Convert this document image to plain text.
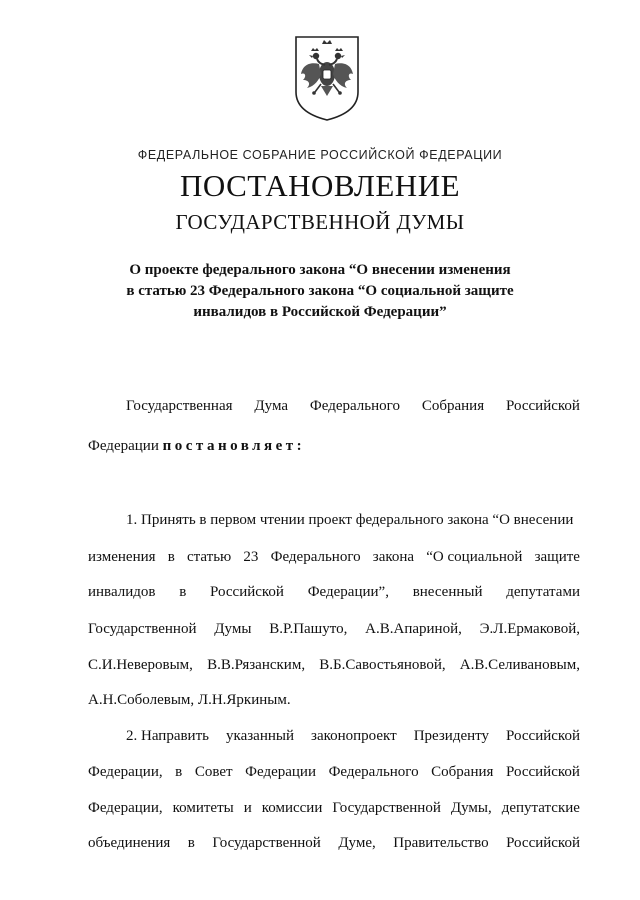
ФЕДЕРАЛЬНОЕ СОБРАНИЕ РОССИЙСКОЙ ФЕДЕРАЦИИ
ПОСТАНОВЛЕНИЕ
ГОСУДАРСТВЕННОЙ ДУМЫ
О проекте федерального закона “О внесении изменения
в статью 23 Федерального закона “О социальной защите
инвалидов в Российской Федерации”
Государственная Дума Федерального Собрания Российской
Федерации постановляет:
1. Принять в первом чтении проект федерального закона “О внесении
изменения в статью 23 Федерального закона “О социальной защите
инвалидов в Российской Федерации”, внесенный депутатами
Государственной Думы В.Р.Пашуто, А.В.Апариной, Э.Л.Ермаковой,
С.И.Неверовым, В.В.Рязанским, В.Б.Савостьяновой, А.В.Селивановым,
А.Н.Соболевым, Л.Н.Яркиным.
2. Направить указанный законопроект Президенту Российской
Федерации, в Совет Федерации Федерального Собрания Российской
Федерации, комитеты и комиссии Государственной Думы, депутатские
объединения в Государственной Думе, Правительство Российской
